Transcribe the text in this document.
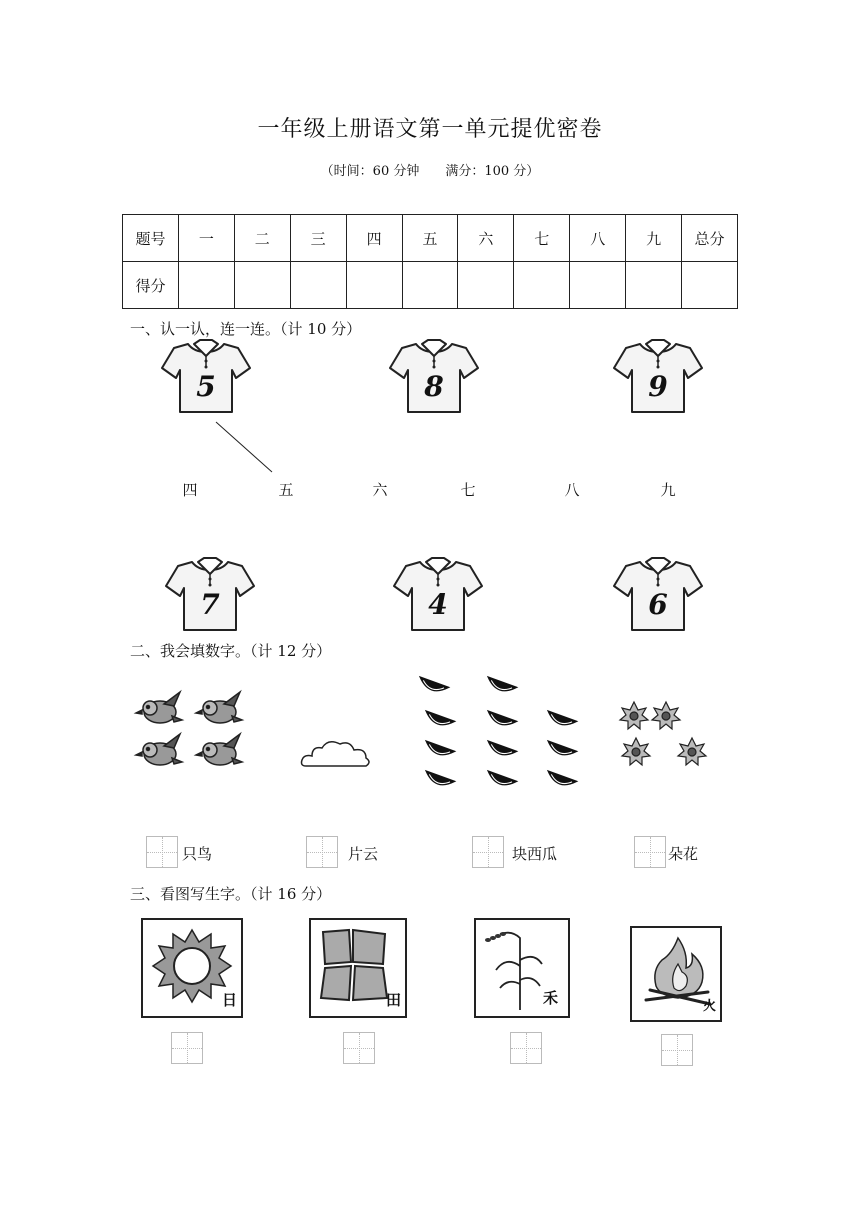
一年级上册语文第一单元提优密卷
（时间：60 分钟 满分：100 分）
题号	一	二	三	四	五	六	七	八	九	总分
得分										
一、认一认，连一连。（计 10 分）
5	8	9
四	五	六	七	八	九
7	4	6
二、我会填数字。（计 12 分）
只鸟	片云	块西瓜	朵花
三、看图写生字。（计 16 分）
日	田	禾	火
